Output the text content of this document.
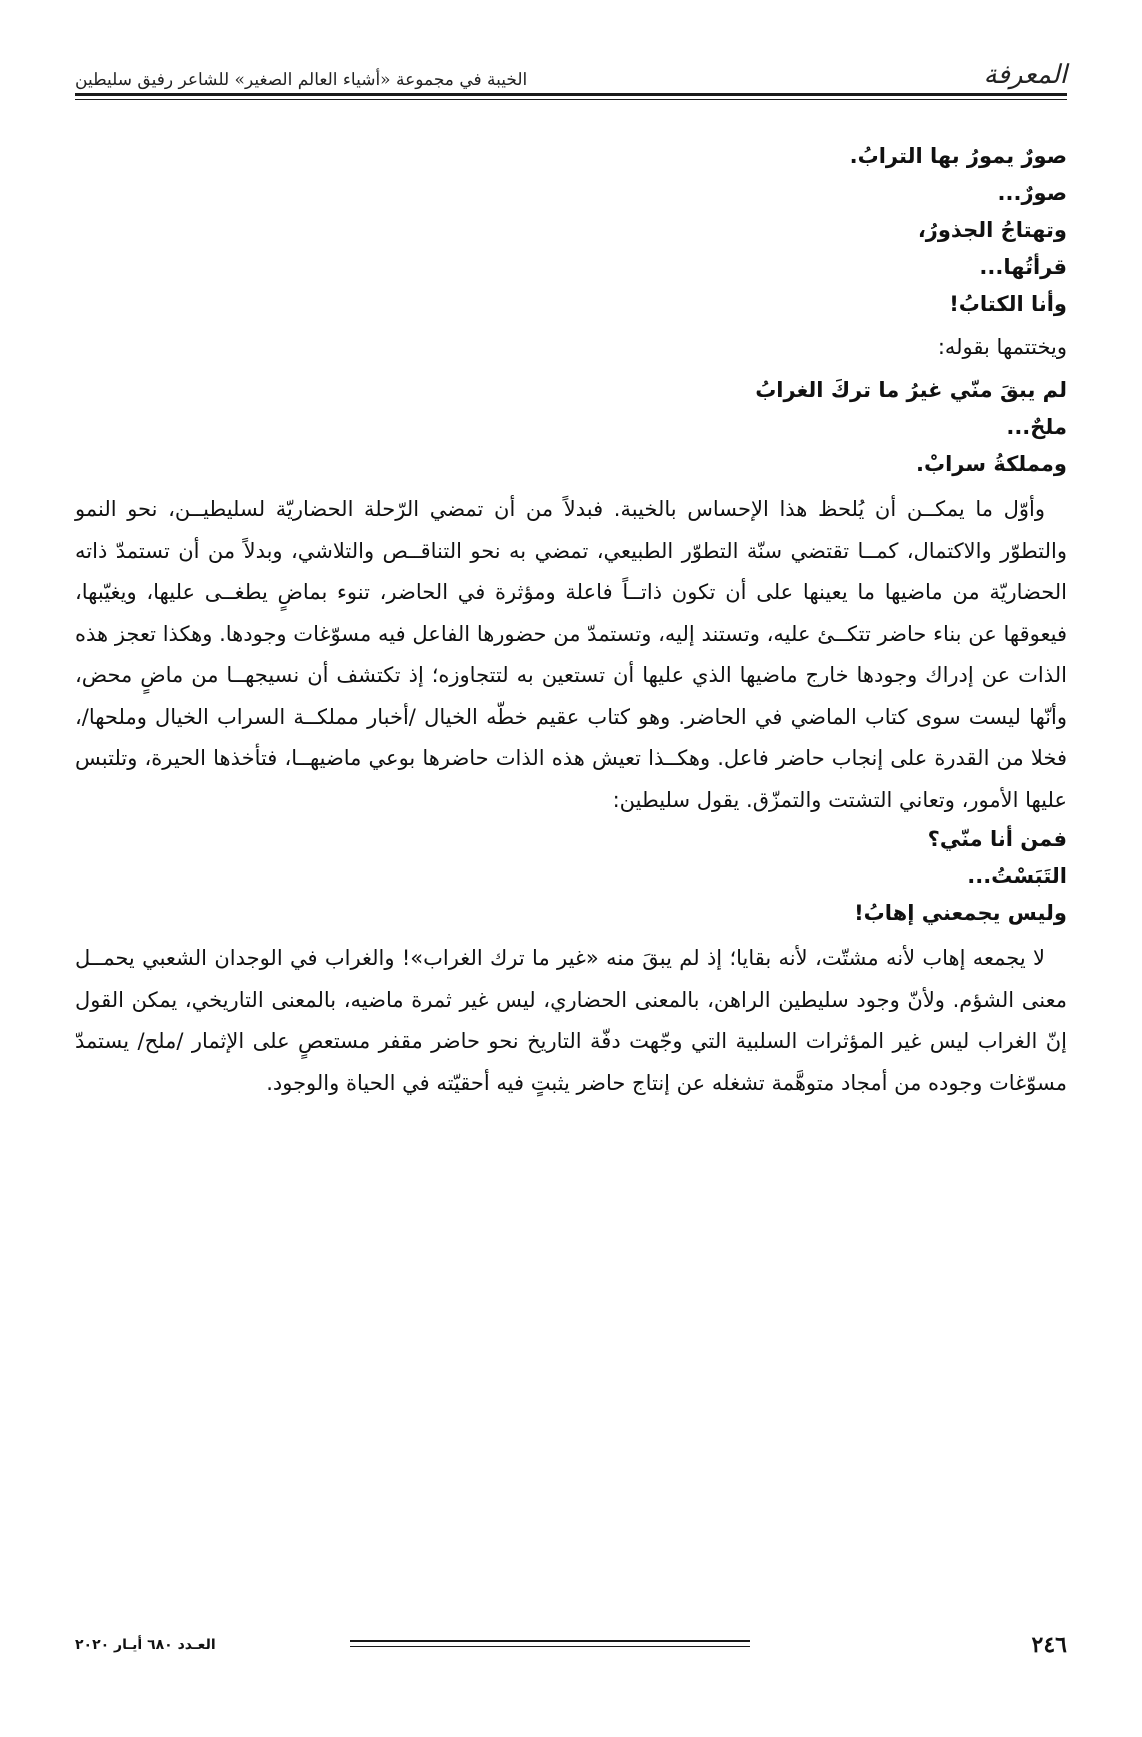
المعرفة
الخيبة في مجموعة «أشياء العالم الصغير» للشاعر رفيق سليطين

صورٌ يمورُ بها الترابُ.

صورٌ...

وتهتاجُ الجذورُ،

قرأتُها...

وأنا الكتابُ!

ويختتمها بقوله:

لم يبقَ منّي غيرُ ما تركَ الغرابُ

ملحٌ...

ومملكةُ سرابْ.

وأوّل ما يمكــن أن يُلحظ هذا الإحساس بالخيبة. فبدلاً من أن تمضي الرّحلة الحضاريّة لسليطيــن، نحو النمو والتطوّر والاكتمال، كمــا تقتضي سنّة التطوّر الطبيعي، تمضي به نحو التناقــص والتلاشي، وبدلاً من أن تستمدّ ذاته الحضاريّة من ماضيها ما يعينها على أن تكون ذاتــاً فاعلة ومؤثرة في الحاضر، تنوء بماضٍ يطغــى عليها، ويغيّبها، فيعوقها عن بناء حاضر تتكــئ عليه، وتستند إليه، وتستمدّ من حضورها الفاعل فيه مسوّغات وجودها. وهكذا تعجز هذه الذات عن إدراك وجودها خارج ماضيها الذي عليها أن تستعين به لتتجاوزه؛ إذ تكتشف أن نسيجهــا من ماضٍ محض، وأنّها ليست سوى كتاب الماضي في الحاضر. وهو كتاب عقيم خطّه الخيال /أخبار مملكــة السراب الخيال وملحها/، فخلا من القدرة على إنجاب حاضر فاعل. وهكــذا تعيش هذه الذات حاضرها بوعي ماضيهــا، فتأخذها الحيرة، وتلتبس عليها الأمور، وتعاني التشتت والتمزّق. يقول سليطين:

فمن أنا منّي؟

التَبَسْتُ...

وليس يجمعني إهابُ!

لا يجمعه إهاب لأنه مشتّت، لأنه بقايا؛ إذ لم يبقَ منه «غير ما ترك الغراب»! والغراب في الوجدان الشعبي يحمــل معنى الشؤم. ولأنّ وجود سليطين الراهن، بالمعنى الحضاري، ليس غير ثمرة ماضيه، بالمعنى التاريخي، يمكن القول إنّ الغراب ليس غير المؤثرات السلبية التي وجّهت دفّة التاريخ نحو حاضر مقفر مستعصٍ على الإثمار /ملح/ يستمدّ مسوّغات وجوده من أمجاد متوهَّمة تشغله عن إنتاج حاضر يثبتٍ فيه أحقيّته في الحياة والوجود.

٢٤٦
العـدد ٦٨٠ أيـار ٢٠٢٠
